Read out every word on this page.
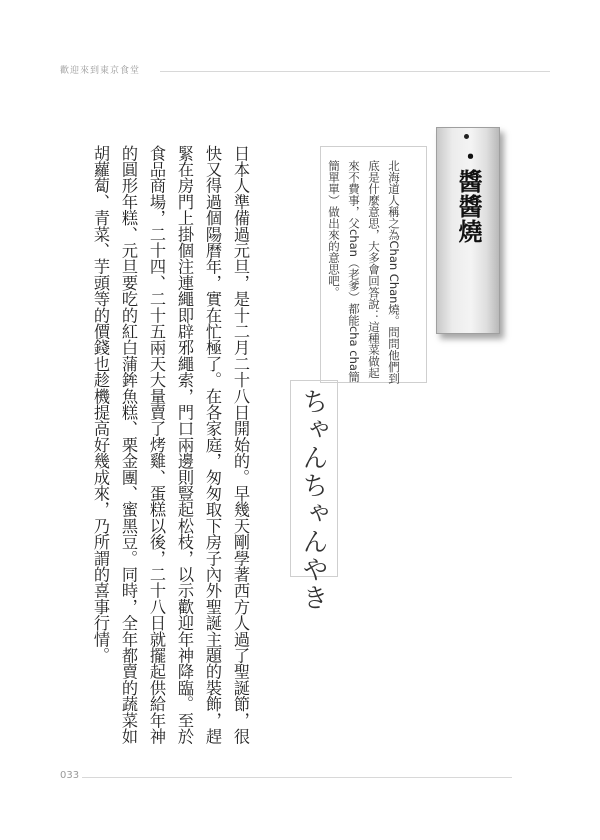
歡迎來到東京食堂
・醬醬燒
北海道人稱之為Chan Chan燒。問問他們到底是什麼意思，大多會回答說：這種菜做起來不費事，父chan（老爹）都能cha cha簡簡單單）做出來的意思吧。
ちゃんちゃんやき
日本人準備過元旦，是十二月二十八日開始的。早幾天剛學著西方人過了聖誕節，很快又得過個陽曆年，實在忙極了。在各家庭，匆匆取下房子內外聖誕主題的裝飾，趕緊在房門上掛個注連繩即辟邪繩索，門口兩邊則豎起松枝，以示歡迎年神降臨。至於食品商場，二十四、二十五兩天大量賣了烤雞、蛋糕以後，二十八日就擺起供給年神的圓形年糕、元旦要吃的紅白蒲鉾魚糕、栗金團、蜜黑豆。同時，全年都賣的蔬菜如胡蘿蔔、青菜、芋頭等的價錢也趁機提高好幾成來，乃所謂的喜事行情。
033
